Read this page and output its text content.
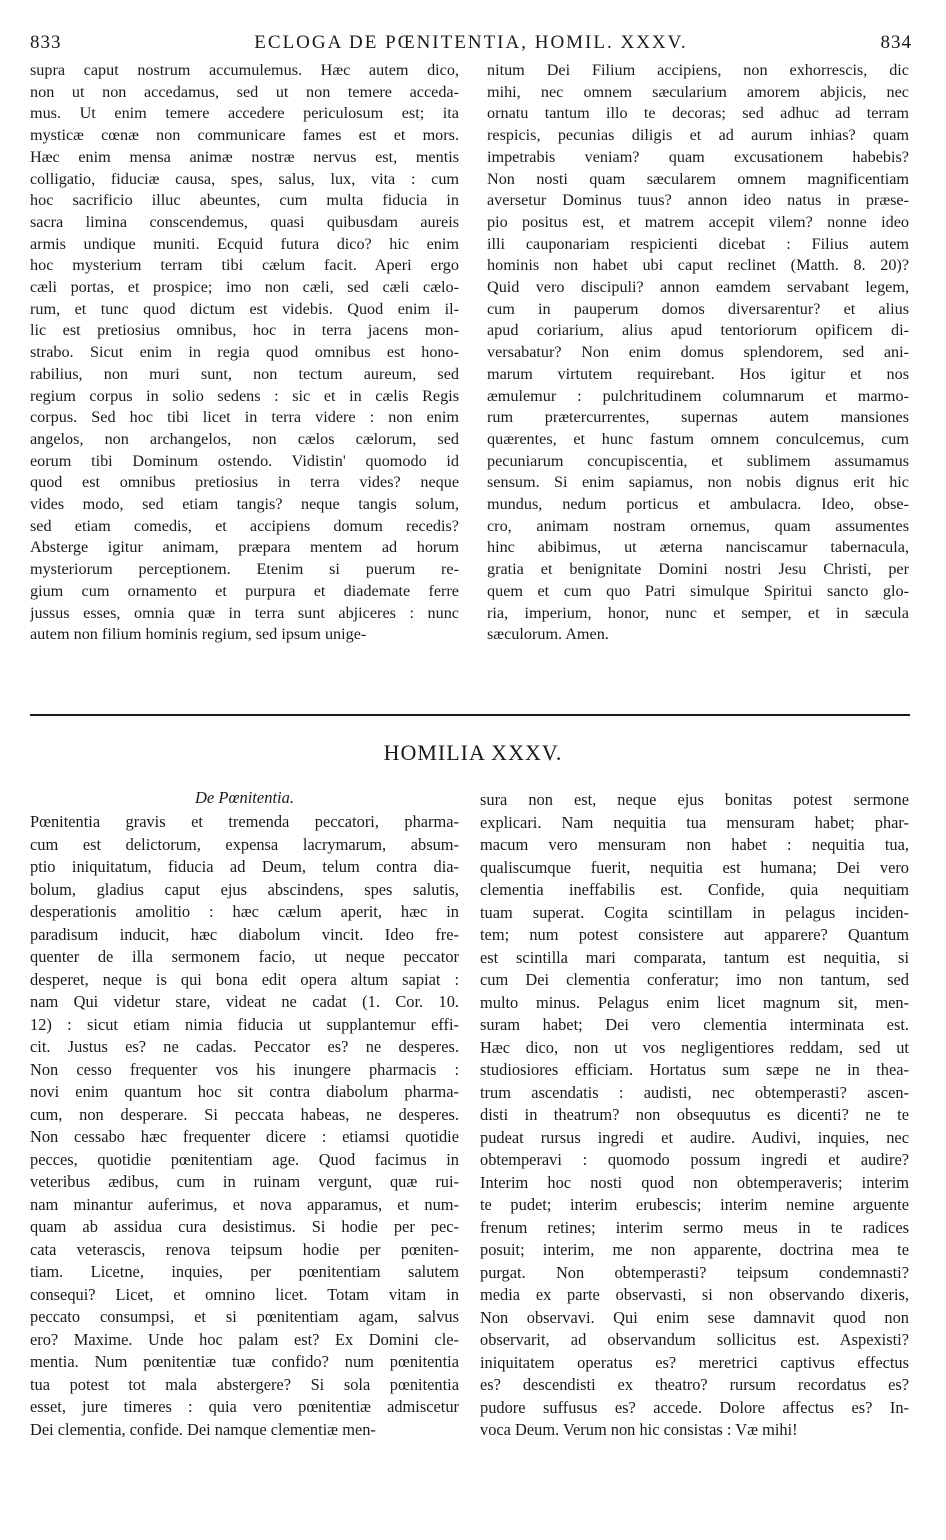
833	ECLOGA DE PŒNITENTIA, HOMIL. XXXV.	834
supra caput nostrum accumulemus. Hæc autem dico,
non ut non accedamus, sed ut non temere acceda-
mus. Ut enim temere accedere periculosum est; ita
mysticæ cœnæ non communicare fames est et mors.
Hæc enim mensa animæ nostræ nervus est, mentis
colligatio, fiduciæ causa, spes, salus, lux, vita : cum
hoc sacrificio illuc abeuntes, cum multa fiducia in
sacra limina conscendemus, quasi quibusdam aureis
armis undique muniti. Ecquid futura dico? hic enim
hoc mysterium terram tibi cælum facit. Aperi ergo
cæli portas, et prospice; imo non cæli, sed cæli cælo-
rum, et tunc quod dictum est videbis. Quod enim il-
lic est pretiosius omnibus, hoc in terra jacens mon-
strabo. Sicut enim in regia quod omnibus est hono-
rabilius, non muri sunt, non tectum aureum, sed
regium corpus in solio sedens : sic et in cælis Regis
corpus. Sed hoc tibi licet in terra videre : non enim
angelos, non archangelos, non cælos cælorum, sed
eorum tibi Dominum ostendo. Vidistin' quomodo id
quod est omnibus pretiosius in terra vides? neque
vides modo, sed etiam tangis? neque tangis solum,
sed etiam comedis, et accipiens domum recedis?
Absterge igitur animam, præpara mentem ad horum
mysteriorum perceptionem. Etenim si puerum re-
gium cum ornamento et purpura et diademate ferre
jussus esses, omnia quæ in terra sunt abjiceres : nunc
autem non filium hominis regium, sed ipsum unige-
nitum Dei Filium accipiens, non exhorrescis, dic
mihi, nec omnem sæcularium amorem abjicis, nec
ornatu tantum illo te decoras; sed adhuc ad terram
respicis, pecunias diligis et ad aurum inhias? quam
impetrabis veniam? quam excusationem habebis?
Non nosti quam sæcularem omnem magnificentiam
aversetur Dominus tuus? annon ideo natus in præse-
pio positus est, et matrem accepit vilem? nonne ideo
illi cauponariam respicienti dicebat : Filius autem
hominis non habet ubi caput reclinet (Matth. 8. 20)?
Quid vero discipuli? annon eamdem servabant legem,
cum in pauperum domos diversarentur? et alius
apud coriarium, alius apud tentoriorum opificem di-
versabatur? Non enim domus splendorem, sed ani-
marum virtutem requirebant. Hos igitur et nos
æmulemur : pulchritudinem columnarum et marmo-
rum prætercurrentes, supernas autem mansiones
quærentes, et hunc fastum omnem conculcemus, cum
pecuniarum concupiscentia, et sublimem assumamus
sensum. Si enim sapiamus, non nobis dignus erit hic
mundus, nedum porticus et ambulacra. Ideo, obse-
cro, animam nostram ornemus, quam assumentes
hinc abibimus, ut æterna nanciscamur tabernacula,
gratia et benignitate Domini nostri Jesu Christi, per
quem et cum quo Patri simulque Spiritui sancto glo-
ria, imperium, honor, nunc et semper, et in sæcula
sæculorum. Amen.
HOMILIA XXXV.
De Pœnitentia.
Pœnitentia gravis et tremenda peccatori, pharma-
cum est delictorum, expensa lacrymarum, absum-
ptio iniquitatum, fiducia ad Deum, telum contra dia-
bolum, gladius caput ejus abscindens, spes salutis,
desperationis amolitio : hæc cælum aperit, hæc in
paradisum inducit, hæc diabolum vincit. Ideo fre-
quenter de illa sermonem facio, ut neque peccator
desperet, neque is qui bona edit opera altum sapiat :
nam Qui videtur stare, videat ne cadat (1. Cor. 10.
12) : sicut etiam nimia fiducia ut supplantemur effi-
cit. Justus es? ne cadas. Peccator es? ne desperes.
Non cesso frequenter vos his inungere pharmacis :
novi enim quantum hoc sit contra diabolum pharma-
cum, non desperare. Si peccata habeas, ne desperes.
Non cessabo hæc frequenter dicere : etiamsi quotidie
pecces, quotidie pœnitentiam age. Quod facimus in
veteribus ædibus, cum in ruinam vergunt, quæ rui-
nam minantur auferimus, et nova apparamus, et num-
quam ab assidua cura desistimus. Si hodie per pec-
cata veterascis, renova teipsum hodie per pœniten-
tiam. Licetne, inquies, per pœnitentiam salutem
consequi? Licet, et omnino licet. Totam vitam in
peccato consumpsi, et si pœnitentiam agam, salvus
ero? Maxime. Unde hoc palam est? Ex Domini cle-
mentia. Num pœnitentiæ tuæ confido? num pœnitentia
tua potest tot mala abstergere? Si sola pœnitentia
esset, jure timeres : quia vero pœnitentiæ admiscetur
Dei clementia, confide. Dei namque clementiæ men-
sura non est, neque ejus bonitas potest sermone
explicari. Nam nequitia tua mensuram habet; phar-
macum vero mensuram non habet : nequitia tua,
qualiscumque fuerit, nequitia est humana; Dei vero
clementia ineffabilis est. Confide, quia nequitiam
tuam superat. Cogita scintillam in pelagus inciden-
tem; num potest consistere aut apparere? Quantum
est scintilla mari comparata, tantum est nequitia, si
cum Dei clementia conferatur; imo non tantum, sed
multo minus. Pelagus enim licet magnum sit, men-
suram habet; Dei vero clementia interminata est.
Hæc dico, non ut vos negligentiores reddam, sed ut
studiosiores efficiam. Hortatus sum sæpe ne in thea-
trum ascendatis : audisti, nec obtemperasti? ascen-
disti in theatrum? non obsequutus es dicenti? ne te
pudeat rursus ingredi et audire. Audivi, inquies, nec
obtemperavi : quomodo possum ingredi et audire?
Interim hoc nosti quod non obtemperaveris; interim
te pudet; interim erubescis; interim nemine arguente
frenum retines; interim sermo meus in te radices
posuit; interim, me non apparente, doctrina mea te
purgat. Non obtemperasti? teipsum condemnasti?
media ex parte observasti, si non observando dixeris,
Non observavi. Qui enim sese damnavit quod non
observarit, ad observandum sollicitus est. Aspexisti?
iniquitatem operatus es? meretrici captivus effectus
es? descendisti ex theatro? rursum recordatus es?
pudore suffusus es? accede. Dolore affectus es? In-
voca Deum. Verum non hic consistas : Væ mihi!
